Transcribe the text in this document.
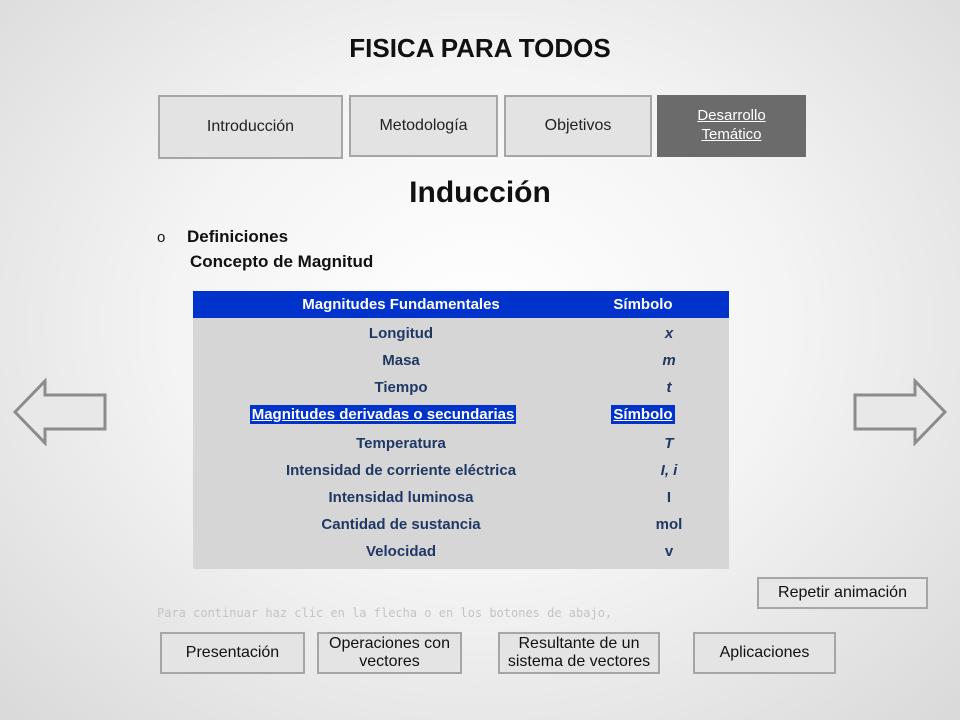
FISICA PARA TODOS
Introducción	Metodología	Objetivos
Desarrollo Temático
Inducción
o Definiciones
Concepto de Magnitud
Magnitudes Fundamentales	Símbolo
Longitud	x
Masa	m
Tiempo	t
Magnitudes derivadas o secundarias	Símbolo
Temperatura	T
Intensidad de corriente eléctrica	I, i
Intensidad luminosa	I
Cantidad de sustancia	mol
Velocidad	v
Repetir animación
Para continuar haz clic en la flecha o en los botones de abajo,
Presentación
Operaciones con vectores
Resultante de un sistema de vectores
Aplicaciones
